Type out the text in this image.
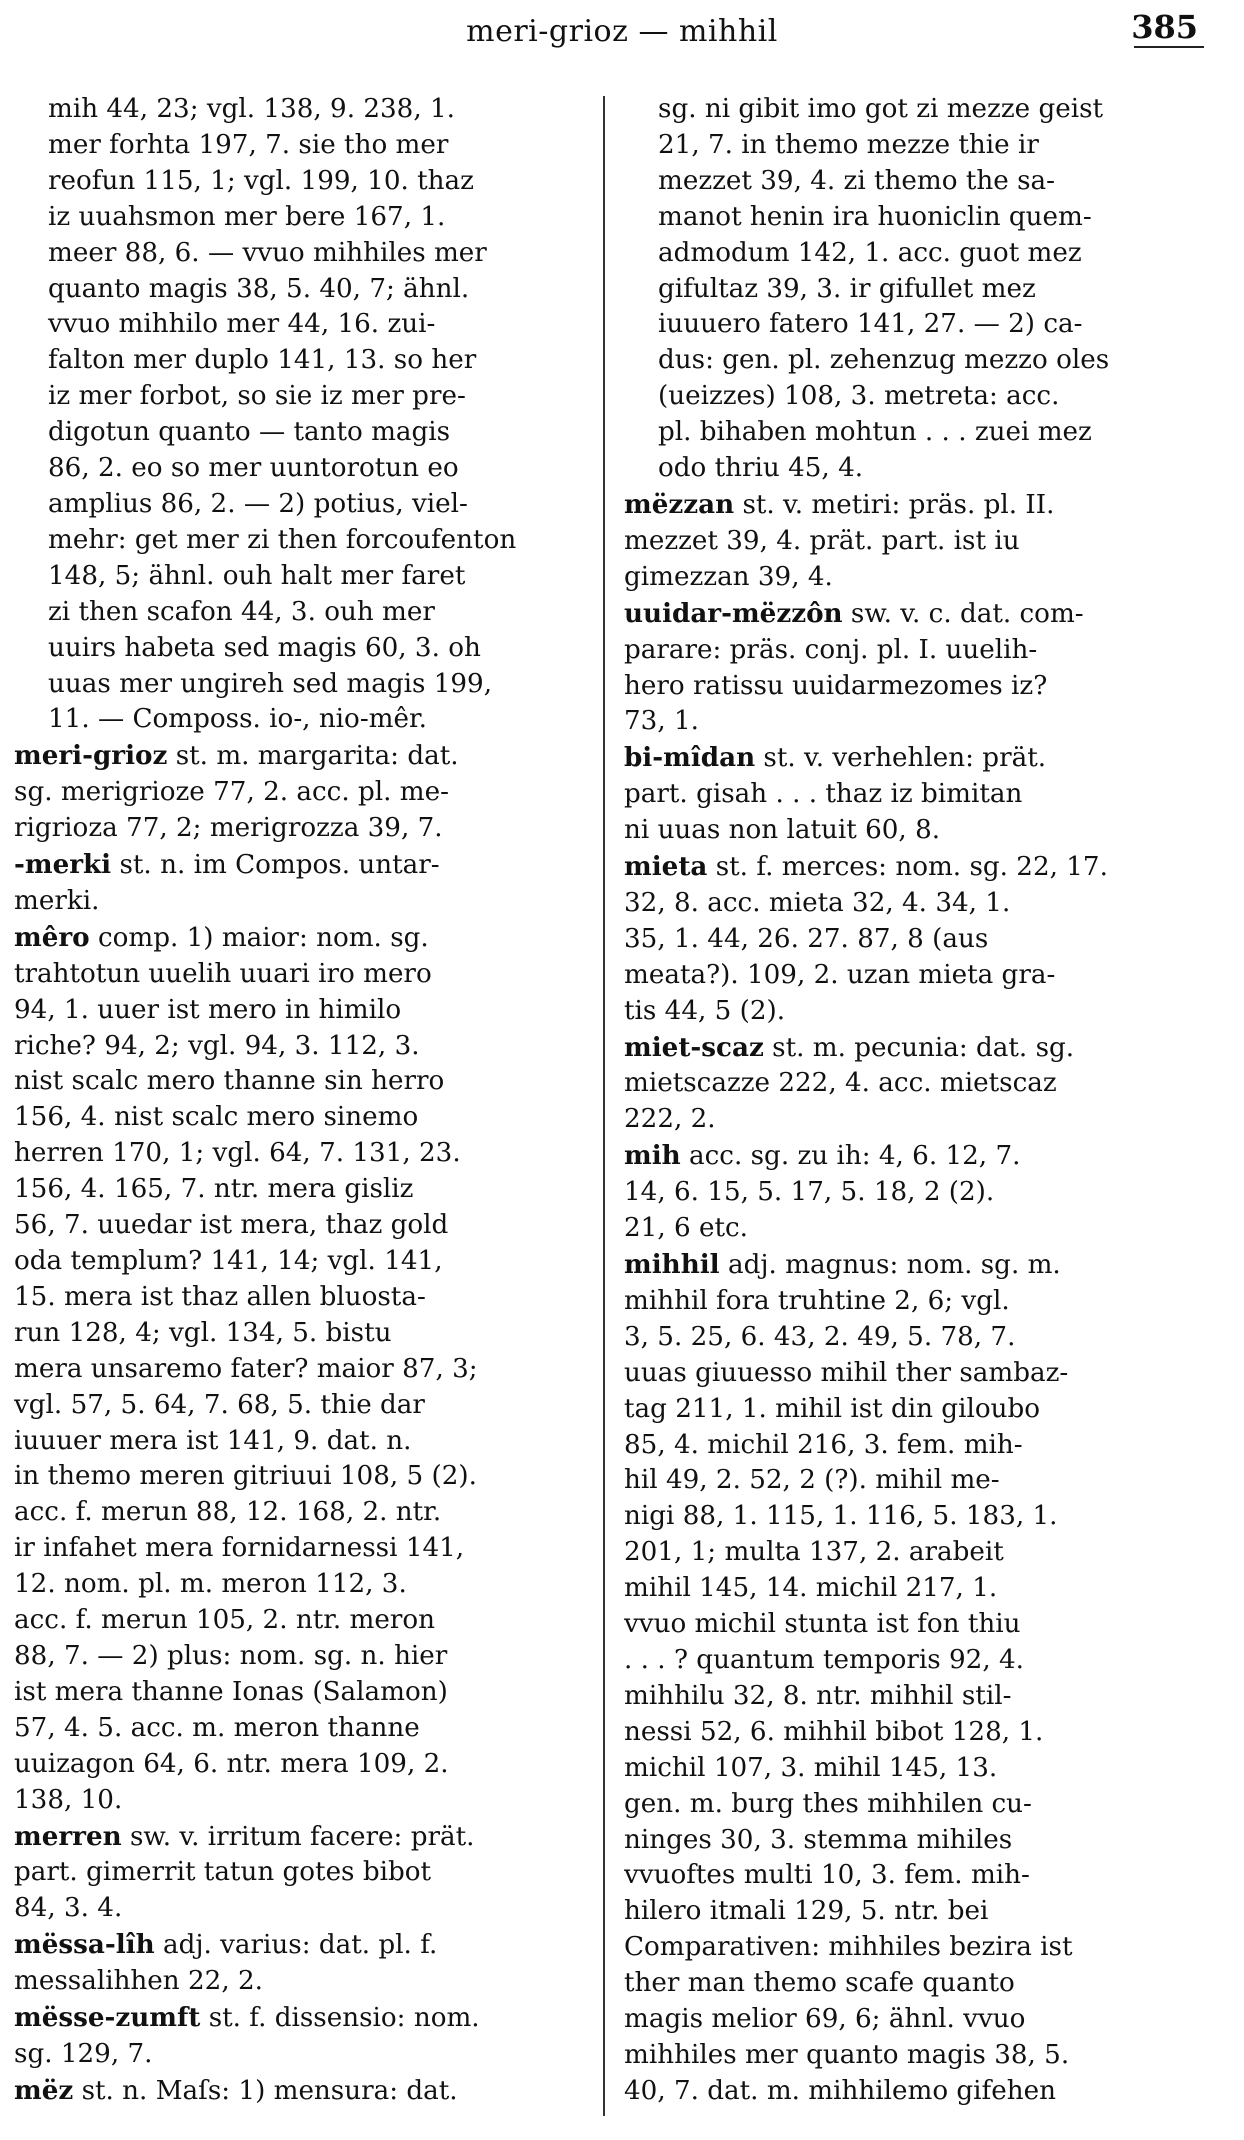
meri-grioz — mihhil	385
mih 44, 23; vgl. 138, 9. 238, 1.
mer forhta 197, 7. sie tho mer
reofun 115, 1; vgl. 199, 10. thaz
iz uuahsmon mer bere 167, 1.
meer 88, 6. — vvuo mihhiles mer
quanto magis 38, 5. 40, 7; ähnl.
vvuo mihhilo mer 44, 16. zui-
falton mer duplo 141, 13. so her
iz mer forbot, so sie iz mer pre-
digotun quanto — tanto magis
86, 2. eo so mer uuntorotun eo
amplius 86, 2. — 2) potius, viel-
mehr: get mer zi then forcoufenton
148, 5; ähnl. ouh halt mer faret
zi then scafon 44, 3. ouh mer
uuirs habeta sed magis 60, 3. oh
uuas mer ungireh sed magis 199,
11. — Composs. io-, nio-mêr.
meri-grioz st. m. margarita: dat.
sg. merigrioze 77, 2. acc. pl. me-
rigrioza 77, 2; merigrozza 39, 7.
-merki st. n. im Compos. untar-
merki.
mêro comp. 1) maior: nom. sg.
trahtotun uuelih uuari iro mero
94, 1. uuer ist mero in himilo
riche? 94, 2; vgl. 94, 3. 112, 3.
nist scalc mero thanne sin herro
156, 4. nist scalc mero sinemo
herren 170, 1; vgl. 64, 7. 131, 23.
156, 4. 165, 7. ntr. mera gisliz
56, 7. uuedar ist mera, thaz gold
oda templum? 141, 14; vgl. 141,
15. mera ist thaz allen bluosta-
run 128, 4; vgl. 134, 5. bistu
mera unsaremo fater? maior 87, 3;
vgl. 57, 5. 64, 7. 68, 5. thie dar
iuuuer mera ist 141, 9. dat. n.
in themo meren gitriuui 108, 5 (2).
acc. f. merun 88, 12. 168, 2. ntr.
ir infahet mera fornidarnessi 141,
12. nom. pl. m. meron 112, 3.
acc. f. merun 105, 2. ntr. meron
88, 7. — 2) plus: nom. sg. n. hier
ist mera thanne Ionas (Salamon)
57, 4. 5. acc. m. meron thanne
uuizagon 64, 6. ntr. mera 109, 2.
138, 10.
merren sw. v. irritum facere: prät.
part. gimerrit tatun gotes bibot
84, 3. 4.
mëssa-lîh adj. varius: dat. pl. f.
messalihhen 22, 2.
mësse-zumft st. f. dissensio: nom.
sg. 129, 7.
mëz st. n. Maſs: 1) mensura: dat.
sg. ni gibit imo got zi mezze geist
21, 7. in themo mezze thie ir
mezzet 39, 4. zi themo the sa-
manot henin ira huoniclin quem-
admodum 142, 1. acc. guot mez
gifultaz 39, 3. ir gifullet mez
iuuuero fatero 141, 27. — 2) ca-
dus: gen. pl. zehenzug mezzo oles
(ueizzes) 108, 3. metreta: acc.
pl. bihaben mohtun . . . zuei mez
odo thriu 45, 4.
mëzzan st. v. metiri: präs. pl. II.
mezzet 39, 4. prät. part. ist iu
gimezzan 39, 4.
uuidar-mëzzôn sw. v. c. dat. com-
parare: präs. conj. pl. I. uuelih-
hero ratissu uuidarmezomes iz?
73, 1.
bi-mîdan st. v. verhehlen: prät.
part. gisah . . . thaz iz bimitan
ni uuas non latuit 60, 8.
mieta st. f. merces: nom. sg. 22, 17.
32, 8. acc. mieta 32, 4. 34, 1.
35, 1. 44, 26. 27. 87, 8 (aus
meata?). 109, 2. uzan mieta gra-
tis 44, 5 (2).
miet-scaz st. m. pecunia: dat. sg.
mietscazze 222, 4. acc. mietscaz
222, 2.
mih acc. sg. zu ih: 4, 6. 12, 7.
14, 6. 15, 5. 17, 5. 18, 2 (2).
21, 6 etc.
mihhil adj. magnus: nom. sg. m.
mihhil fora truhtine 2, 6; vgl.
3, 5. 25, 6. 43, 2. 49, 5. 78, 7.
uuas giuuesso mihil ther sambaz-
tag 211, 1. mihil ist din giloubo
85, 4. michil 216, 3. fem. mih-
hil 49, 2. 52, 2 (?). mihil me-
nigi 88, 1. 115, 1. 116, 5. 183, 1.
201, 1; multa 137, 2. arabeit
mihil 145, 14. michil 217, 1.
vvuo michil stunta ist fon thiu
. . . ? quantum temporis 92, 4.
mihhilu 32, 8. ntr. mihhil stil-
nessi 52, 6. mihhil bibot 128, 1.
michil 107, 3. mihil 145, 13.
gen. m. burg thes mihhilen cu-
ninges 30, 3. stemma mihiles
vvuoftes multi 10, 3. fem. mih-
hilero itmali 129, 5. ntr. bei
Comparativen: mihhiles bezira ist
ther man themo scafe quanto
magis melior 69, 6; ähnl. vvuo
mihhiles mer quanto magis 38, 5.
40, 7. dat. m. mihhilemo gifehen
